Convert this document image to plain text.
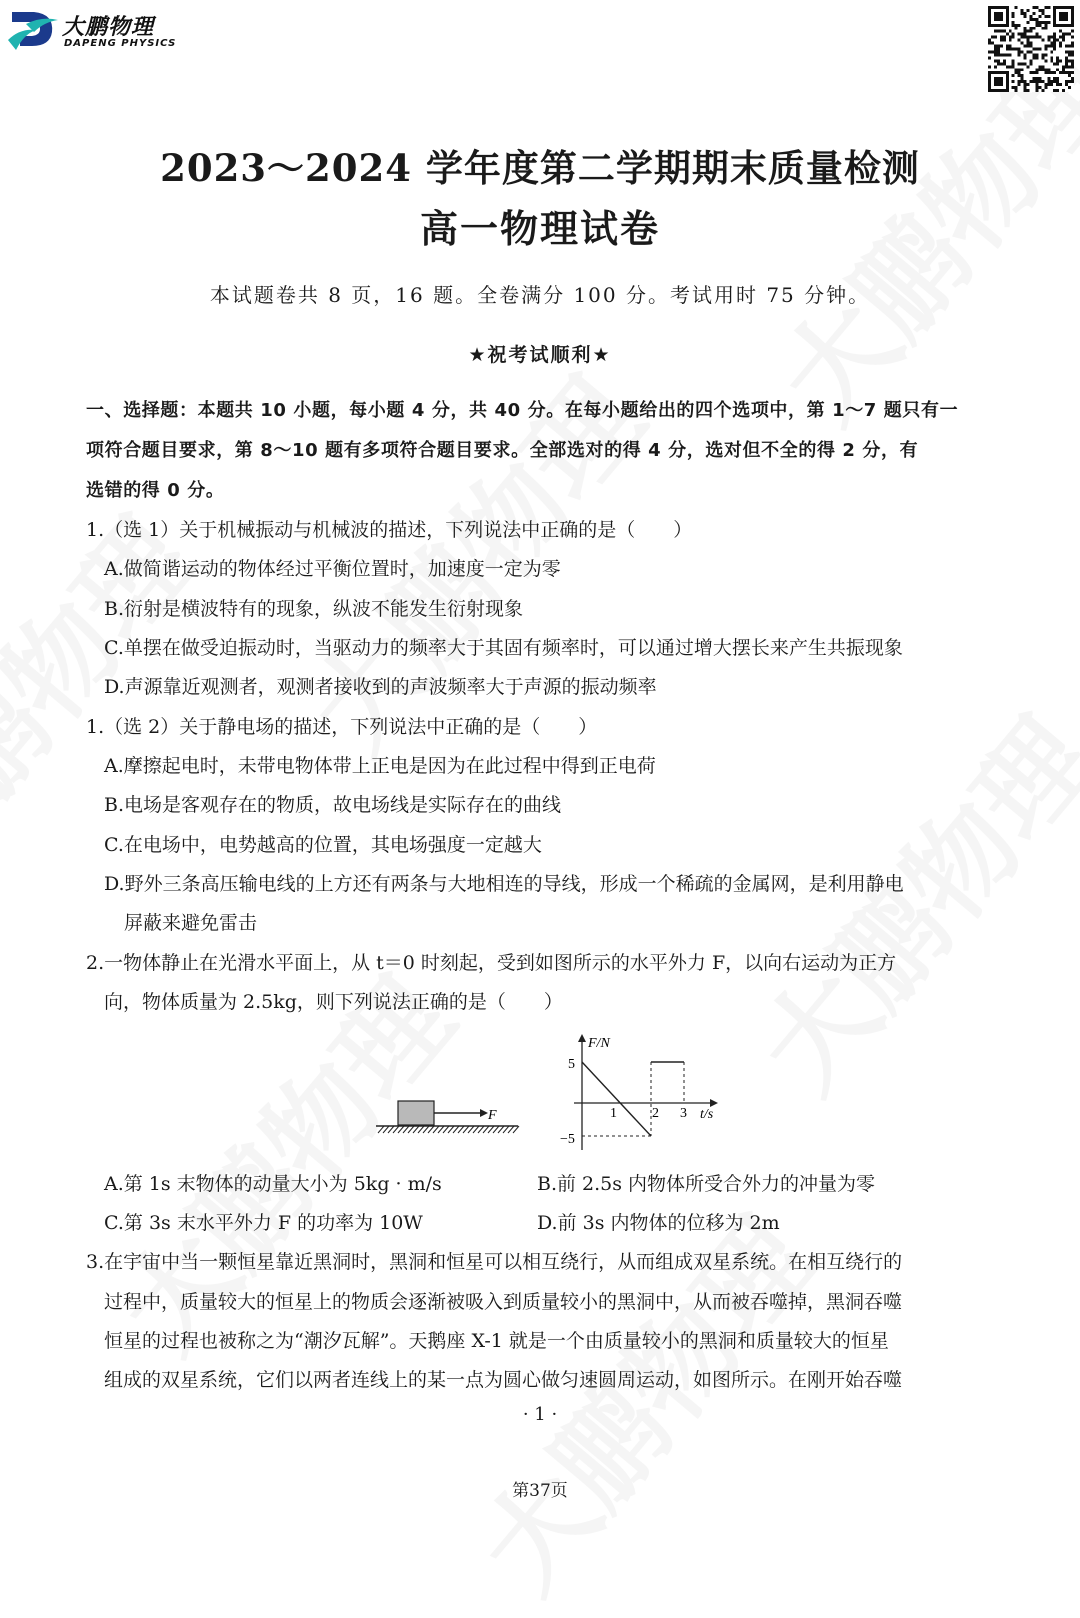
大鹏物理
DAPENG PHYSICS
2023～2024 学年度第二学期期末质量检测
高一物理试卷
本试题卷共 8 页，16 题。全卷满分 100 分。考试用时 75 分钟。
★祝考试顺利★
一、选择题：本题共 10 小题，每小题 4 分，共 40 分。在每小题给出的四个选项中，第 1～7 题只有一
项符合题目要求，第 8～10 题有多项符合题目要求。全部选对的得 4 分，选对但不全的得 2 分，有
选错的得 0 分。
1.（选 1）关于机械振动与机械波的描述，下列说法中正确的是（　　）
A.做简谐运动的物体经过平衡位置时，加速度一定为零
B.衍射是横波特有的现象，纵波不能发生衍射现象
C.单摆在做受迫振动时，当驱动力的频率大于其固有频率时，可以通过增大摆长来产生共振现象
D.声源靠近观测者，观测者接收到的声波频率大于声源的振动频率
1.（选 2）关于静电场的描述，下列说法中正确的是（　　）
A.摩擦起电时，未带电物体带上正电是因为在此过程中得到正电荷
B.电场是客观存在的物质，故电场线是实际存在的曲线
C.在电场中，电势越高的位置，其电场强度一定越大
D.野外三条高压输电线的上方还有两条与大地相连的导线，形成一个稀疏的金属网，是利用静电
屏蔽来避免雷击
2.一物体静止在光滑水平面上，从 t＝0 时刻起，受到如图所示的水平外力 F，以向右运动为正方
向，物体质量为 2.5kg，则下列说法正确的是（　　）
F
F/N
t/s
5
−5
1	2 3
A.第 1s 末物体的动量大小为 5kg · m/s	B.前 2.5s 内物体所受合外力的冲量为零
C.第 3s 末水平外力 F 的功率为 10W	D.前 3s 内物体的位移为 2m
3.在宇宙中当一颗恒星靠近黑洞时，黑洞和恒星可以相互绕行，从而组成双星系统。在相互绕行的
过程中，质量较大的恒星上的物质会逐渐被吸入到质量较小的黑洞中，从而被吞噬掉，黑洞吞噬
恒星的过程也被称之为“潮汐瓦解”。天鹅座 X-1 就是一个由质量较小的黑洞和质量较大的恒星
组成的双星系统，它们以两者连线上的某一点为圆心做匀速圆周运动，如图所示。在刚开始吞噬
· 1 ·
第37页
